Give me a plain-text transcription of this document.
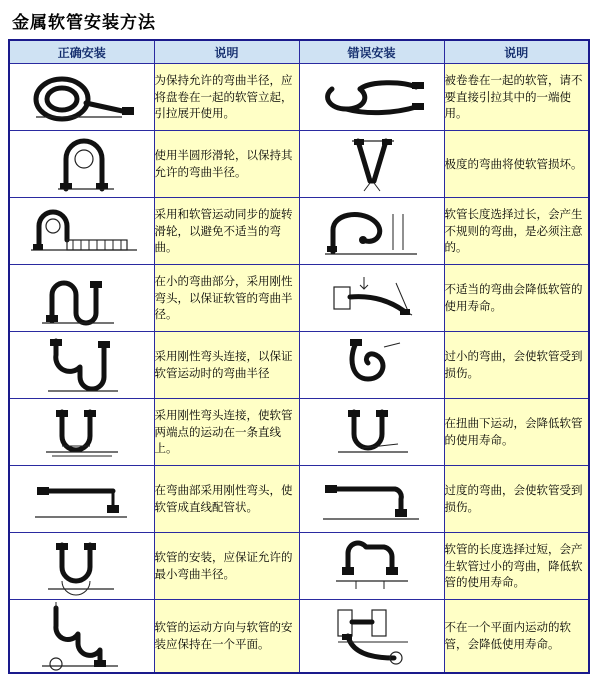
金属软管安装方法
正确安装	说明	错误安装	说明

	为保持允许的弯曲半径，应将盘卷在一起的软管立起，引拉展开使用。		被卷卷在一起的软管，请不要直接引拉其中的一端使用。

	使用半圆形滑轮，以保持其允许的弯曲半径。		极度的弯曲将使软管损坏。

	采用和软管运动同步的旋转滑轮，以避免不适当的弯曲。		软管长度选择过长，会产生不规则的弯曲，是必须注意的。

	在小的弯曲部分，采用刚性弯头，以保证软管的弯曲半径。		不适当的弯曲会降低软管的使用寿命。

	采用刚性弯头连接，以保证软管运动时的弯曲半径		过小的弯曲，会使软管受到损伤。

	采用刚性弯头连接，使软管两端点的运动在一条直线上。		在扭曲下运动，会降低软管的使用寿命。

	在弯曲部采用刚性弯头，使软管成直线配管状。		过度的弯曲，会使软管受到损伤。

	软管的安装，应保证允许的最小弯曲半径。		软管的长度选择过短，会产生软管过小的弯曲，降低软管的使用寿命。

	软管的运动方向与软管的安装应保持在一个平面。		不在一个平面内运动的软管，会降低使用寿命。
